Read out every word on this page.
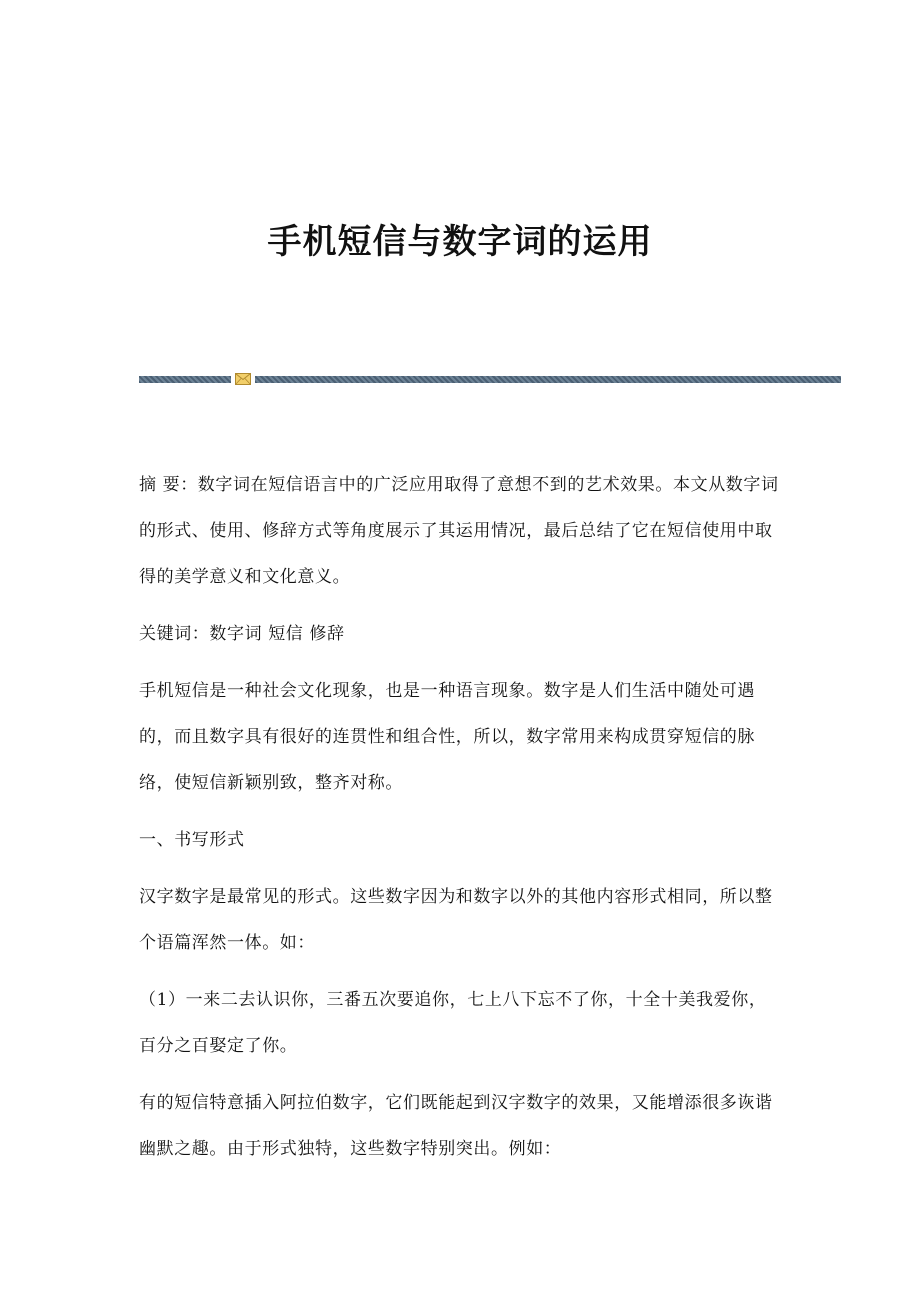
手机短信与数字词的运用

摘 要：数字词在短信语言中的广泛应用取得了意想不到的艺术效果。本文从数字词的形式、使用、修辞方式等角度展示了其运用情况，最后总结了它在短信使用中取得的美学意义和文化意义。

关键词：数字词 短信 修辞

手机短信是一种社会文化现象，也是一种语言现象。数字是人们生活中随处可遇的，而且数字具有很好的连贯性和组合性，所以，数字常用来构成贯穿短信的脉络，使短信新颖别致，整齐对称。

一、书写形式

汉字数字是最常见的形式。这些数字因为和数字以外的其他内容形式相同，所以整个语篇浑然一体。如：

（1）一来二去认识你，三番五次要追你，七上八下忘不了你，十全十美我爱你，百分之百娶定了你。

有的短信特意插入阿拉伯数字，它们既能起到汉字数字的效果，又能增添很多诙谐幽默之趣。由于形式独特，这些数字特别突出。例如：
